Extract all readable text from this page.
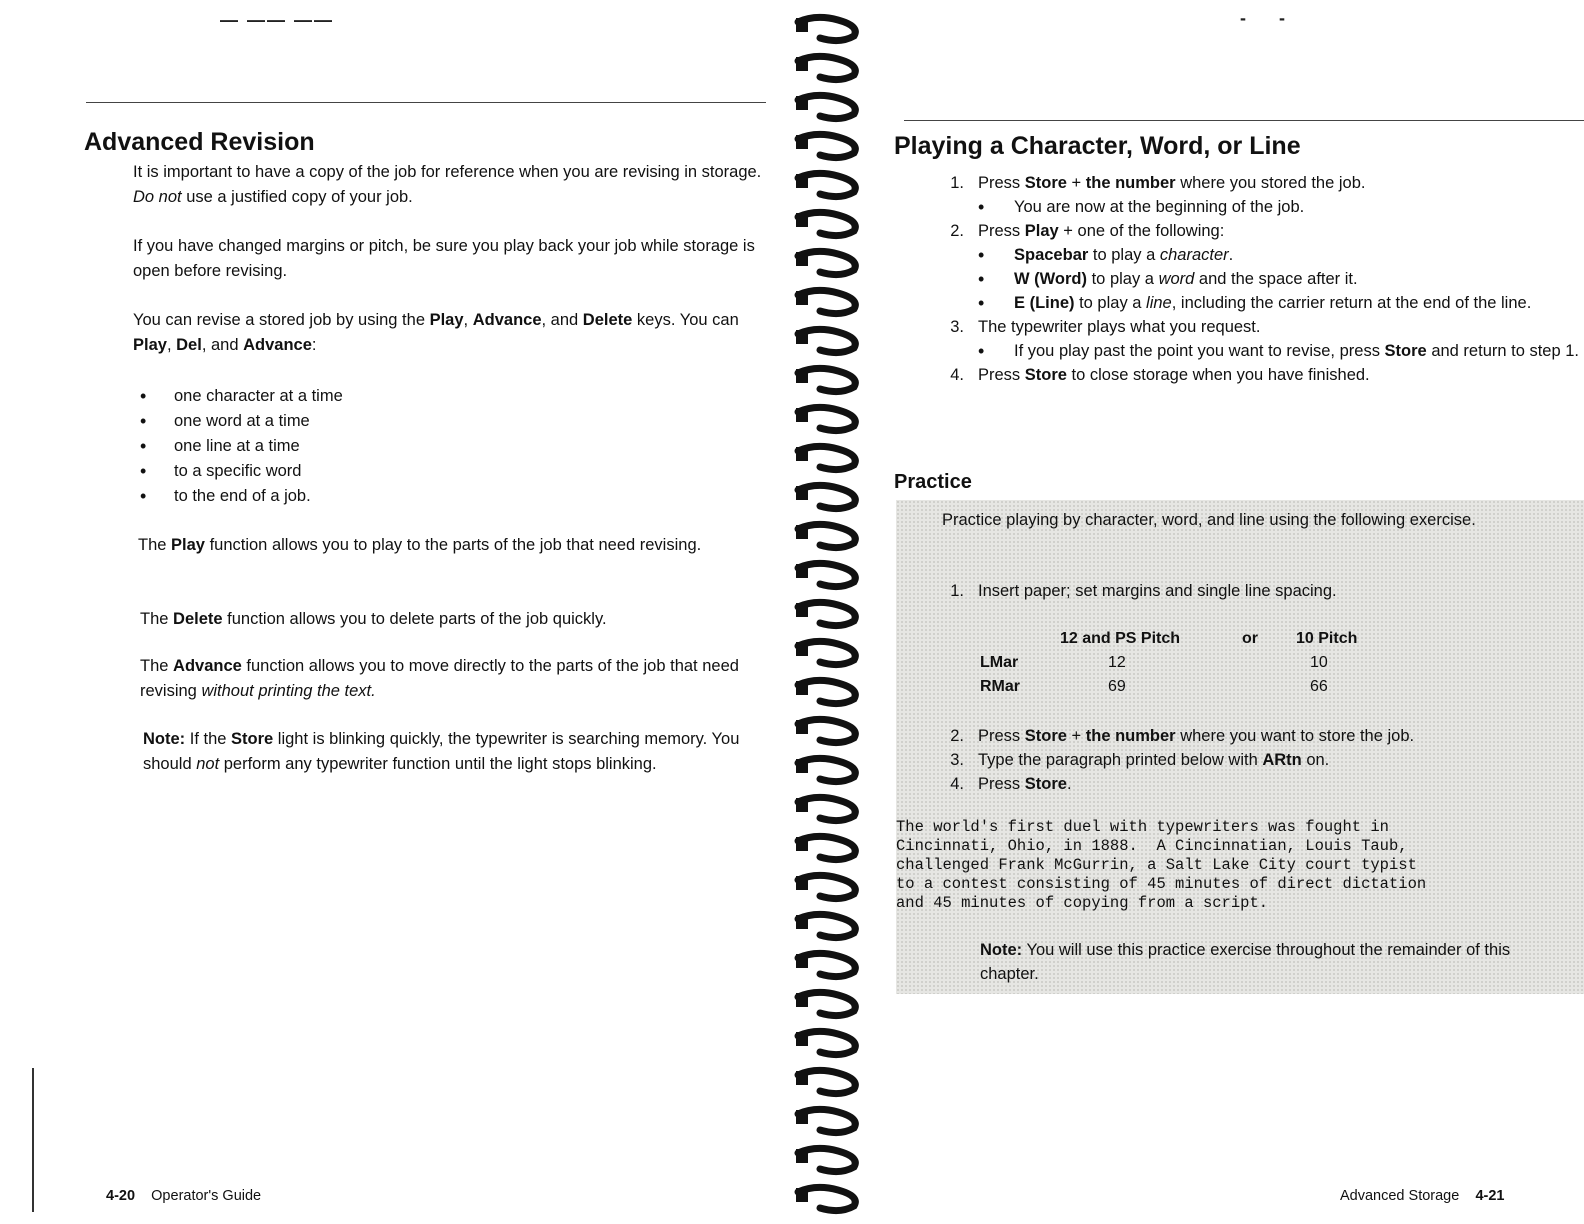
— —— ——
Advanced Revision

It is important to have a copy of the job for reference when you are revising in storage. Do not use a justified copy of your job.

If you have changed margins or pitch, be sure you play back your job while storage is open before revising.

You can revise a stored job by using the Play, Advance, and Delete keys. You can Play, Del, and Advance:

• one character at a time
• one word at a time
• one line at a time
• to a specific word
• to the end of a job.

The Play function allows you to play to the parts of the job that need revising.

The Delete function allows you to delete parts of the job quickly.

The Advance function allows you to move directly to the parts of the job that need revising without printing the text.

Note: If the Store light is blinking quickly, the typewriter is searching memory. You should not perform any typewriter function until the light stops blinking.

4-20 Operator's Guide
- -
Playing a Character, Word, or Line
1. Press Store + the number where you stored the job.
• You are now at the beginning of the job.
2. Press Play + one of the following:
• Spacebar to play a character.
• W (Word) to play a word and the space after it.
• E (Line) to play a line, including the carrier return at the end of the line.
3. The typewriter plays what you request.
• If you play past the point you want to revise, press Store and return to step 1.
4. Press Store to close storage when you have finished.
Practice

Practice playing by character, word, and line using the following exercise.

1. Insert paper; set margins and single line spacing.
	12 and PS Pitch	or	10 Pitch
LMar	12		10
RMar	69		66
2. Press Store + the number where you want to store the job.
3. Type the paragraph printed below with ARtn on.
4. Press Store.
The world's first duel with typewriters was fought in
Cincinnati, Ohio, in 1888.  A Cincinnatian, Louis Taub,
challenged Frank McGurrin, a Salt Lake City court typist
to a contest consisting of 45 minutes of direct dictation
and 45 minutes of copying from a script.

Note: You will use this practice exercise throughout the remainder of this chapter.

Advanced Storage 4-21
